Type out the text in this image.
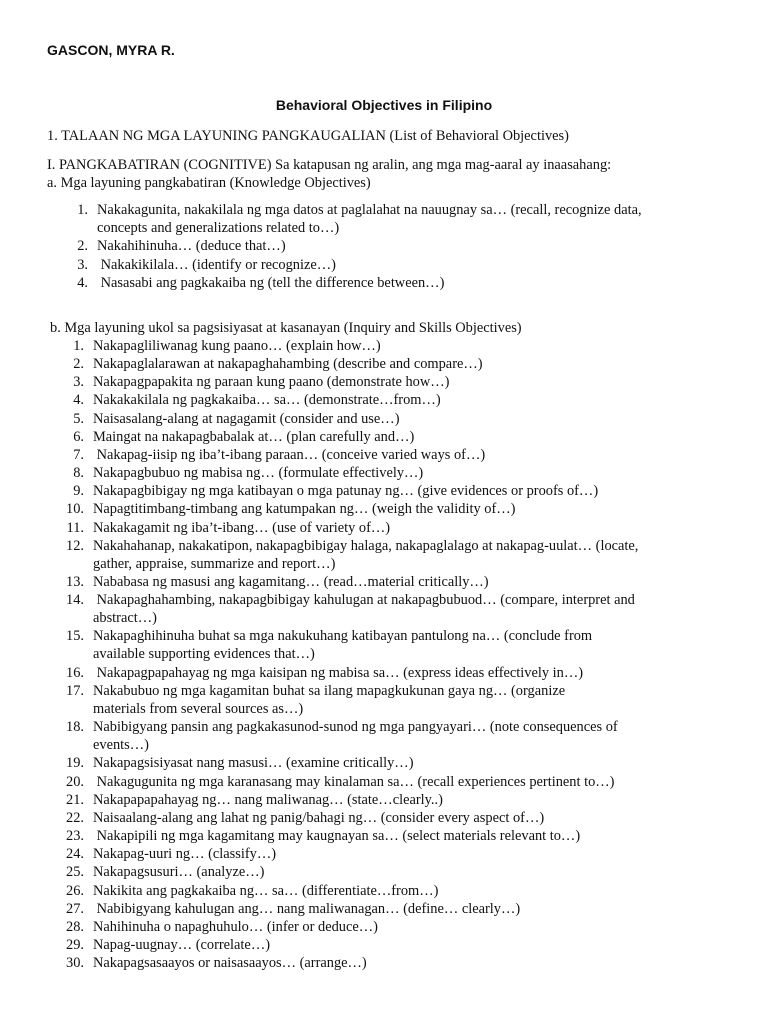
GASCON, MYRA R.
Behavioral Objectives in Filipino
1. TALAAN NG MGA LAYUNING PANGKAUGALIAN (List of Behavioral Objectives)
I. PANGKABATIRAN (COGNITIVE) Sa katapusan ng aralin, ang mga mag-aaral ay inaasahang:
a. Mga layuning pangkabatiran (Knowledge Objectives)
1. Nakakagunita, nakakilala ng mga datos at paglalahat na nauugnay sa… (recall, recognize data,
concepts and generalizations related to…)
2. Nakahihinuha… (deduce that…)
3. Nakakikilala… (identify or recognize…)
4. Nasasabi ang pagkakaiba ng (tell the difference between…)
b. Mga layuning ukol sa pagsisiyasat at kasanayan (Inquiry and Skills Objectives)
1. Nakapagliliwanag kung paano… (explain how…)
2. Nakapaglalarawan at nakapaghahambing (describe and compare…)
3. Nakapagpapakita ng paraan kung paano (demonstrate how…)
4. Nakakakilala ng pagkakaiba… sa… (demonstrate…from…)
5. Naisasalang-alang at nagagamit (consider and use…)
6. Maingat na nakapagbabalak at… (plan carefully and…)
7. Nakapag-iisip ng iba’t-ibang paraan… (conceive varied ways of…)
8. Nakapagbubuo ng mabisa ng… (formulate effectively…)
9. Nakapagbibigay ng mga katibayan o mga patunay ng… (give evidences or proofs of…)
10. Napagtitimbang-timbang ang katumpakan ng… (weigh the validity of…)
11. Nakakagamit ng iba’t-ibang… (use of variety of…)
12. Nakahahanap, nakakatipon, nakapagbibigay halaga, nakapaglalago at nakapag-uulat… (locate,
gather, appraise, summarize and report…)
13. Nababasa ng masusi ang kagamitang… (read…material critically…)
14. Nakapaghahambing, nakapagbibigay kahulugan at nakapagbubuod… (compare, interpret and
abstract…)
15. Nakapaghihinuha buhat sa mga nakukuhang katibayan pantulong na… (conclude from
available supporting evidences that…)
16. Nakapagpapahayag ng mga kaisipan ng mabisa sa… (express ideas effectively in…)
17. Nakabubuo ng mga kagamitan buhat sa ilang mapagkukunan gaya ng… (organize
materials from several sources as…)
18. Nabibigyang pansin ang pagkakasunod-sunod ng mga pangyayari… (note consequences of
events…)
19. Nakapagsisiyasat nang masusi… (examine critically…)
20. Nakagugunita ng mga karanasang may kinalaman sa… (recall experiences pertinent to…)
21. Nakapapapahayag ng… nang maliwanag… (state…clearly..)
22. Naisaalang-alang ang lahat ng panig/bahagi ng… (consider every aspect of…)
23. Nakapipili ng mga kagamitang may kaugnayan sa… (select materials relevant to…)
24. Nakapag-uuri ng… (classify…)
25. Nakapagsusuri… (analyze…)
26. Nakikita ang pagkakaiba ng… sa… (differentiate…from…)
27. Nabibigyang kahulugan ang… nang maliwanagan… (define… clearly…)
28. Nahihinuha o napaghuhulo… (infer or deduce…)
29. Napag-uugnay… (correlate…)
30. Nakapagsasaayos or naisasaayos… (arrange…)
